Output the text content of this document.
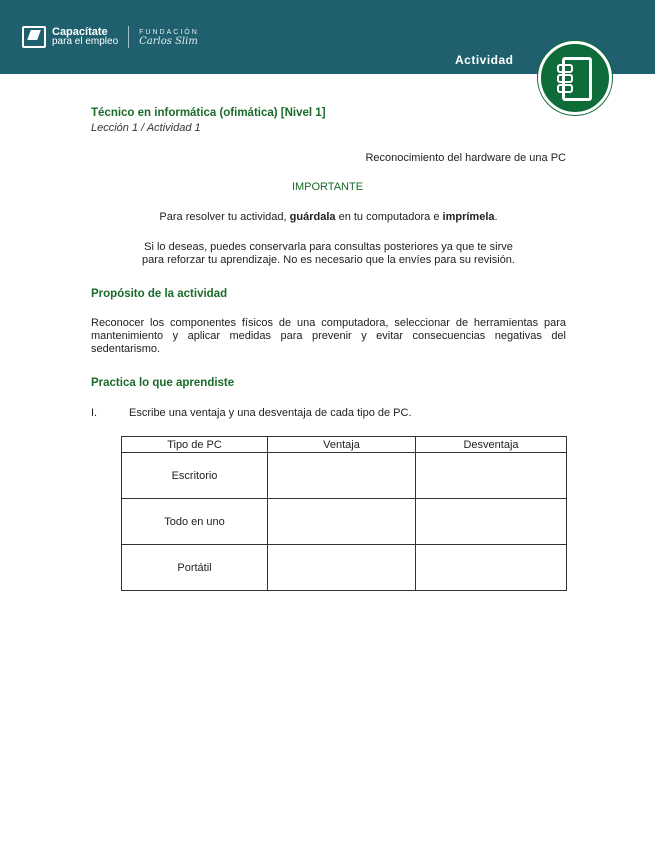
Capacítate
para el empleo
FUNDACIÓN
Carlos Slim
Actividad
Técnico en informática (ofimática) [Nivel 1]
Lección 1 / Actividad 1
Reconocimiento del hardware de una PC
IMPORTANTE
Para resolver tu actividad, guárdala en tu computadora e imprímela.
Si lo deseas, puedes conservarla para consultas posteriores ya que te sirve
para reforzar tu aprendizaje. No es necesario que la envíes para su revisión.
Propósito de la actividad
Reconocer los componentes físicos de una computadora, seleccionar de herramientas para mantenimiento y aplicar medidas para prevenir y evitar consecuencias negativas del sedentarismo.
Practica lo que aprendiste
I.	Escribe una ventaja y una desventaja de cada tipo de PC.
Tipo de PC	Ventaja	Desventaja
Escritorio		
Todo en uno		
Portátil		
